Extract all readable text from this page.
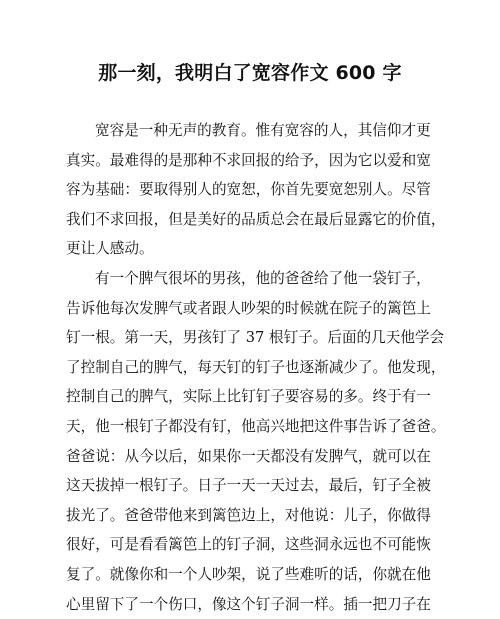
那一刻，我明白了宽容作文 600 字
宽容是一种无声的教育。惟有宽容的人，其信仰才更
真实。最难得的是那种不求回报的给予，因为它以爱和宽
容为基础：要取得别人的宽恕，你首先要宽恕别人。尽管
我们不求回报，但是美好的品质总会在最后显露它的价值，
更让人感动。
有一个脾气很坏的男孩，他的爸爸给了他一袋钉子，
告诉他每次发脾气或者跟人吵架的时候就在院子的篱笆上
钉一根。第一天，男孩钉了 37 根钉子。后面的几天他学会
了控制自己的脾气，每天钉的钉子也逐渐减少了。他发现，
控制自己的脾气，实际上比钉钉子要容易的多。终于有一
天，他一根钉子都没有钉，他高兴地把这件事告诉了爸爸。
爸爸说：从今以后，如果你一天都没有发脾气，就可以在
这天拔掉一根钉子。日子一天一天过去，最后，钉子全被
拔光了。爸爸带他来到篱笆边上，对他说：儿子，你做得
很好，可是看看篱笆上的钉子洞，这些洞永远也不可能恢
复了。就像你和一个人吵架，说了些难听的话，你就在他
心里留下了一个伤口，像这个钉子洞一样。插一把刀子在
